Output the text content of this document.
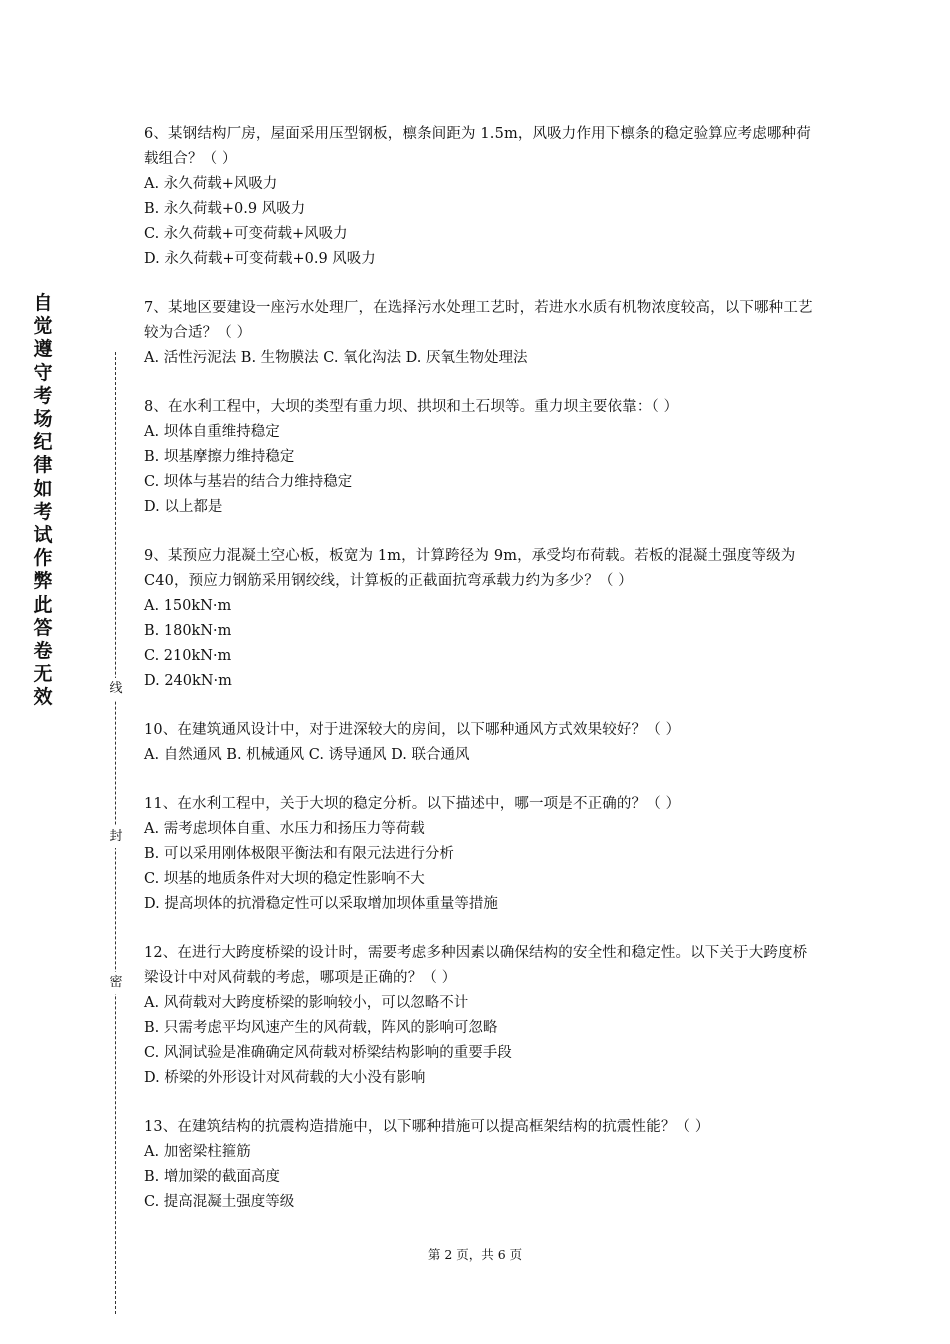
自觉遵守考场纪律如考试作弊此答卷无效	线
封
密
6、某钢结构厂房，屋面采用压型钢板，檩条间距为 1.5m，风吸力作用下檩条的稳定验算应考虑哪种荷载组合？（ ）
A. 永久荷载+风吸力
B. 永久荷载+0.9 风吸力
C. 永久荷载+可变荷载+风吸力
D. 永久荷载+可变荷载+0.9 风吸力
7、某地区要建设一座污水处理厂，在选择污水处理工艺时，若进水水质有机物浓度较高，以下哪种工艺较为合适？（ ）
A. 活性污泥法 B. 生物膜法 C. 氧化沟法 D. 厌氧生物处理法
8、在水利工程中，大坝的类型有重力坝、拱坝和土石坝等。重力坝主要依靠：（ ）
A. 坝体自重维持稳定
B. 坝基摩擦力维持稳定
C. 坝体与基岩的结合力维持稳定
D. 以上都是
9、某预应力混凝土空心板，板宽为 1m，计算跨径为 9m，承受均布荷载。若板的混凝土强度等级为 C40，预应力钢筋采用钢绞线，计算板的正截面抗弯承载力约为多少？（ ）
A. 150kN·m
B. 180kN·m
C. 210kN·m
D. 240kN·m
10、在建筑通风设计中，对于进深较大的房间，以下哪种通风方式效果较好？（ ）
A. 自然通风 B. 机械通风 C. 诱导通风 D. 联合通风
11、在水利工程中，关于大坝的稳定分析。以下描述中，哪一项是不正确的？（ ）
A. 需考虑坝体自重、水压力和扬压力等荷载
B. 可以采用刚体极限平衡法和有限元法进行分析
C. 坝基的地质条件对大坝的稳定性影响不大
D. 提高坝体的抗滑稳定性可以采取增加坝体重量等措施
12、在进行大跨度桥梁的设计时，需要考虑多种因素以确保结构的安全性和稳定性。以下关于大跨度桥梁设计中对风荷载的考虑，哪项是正确的？（ ）
A. 风荷载对大跨度桥梁的影响较小，可以忽略不计
B. 只需考虑平均风速产生的风荷载，阵风的影响可忽略
C. 风洞试验是准确确定风荷载对桥梁结构影响的重要手段
D. 桥梁的外形设计对风荷载的大小没有影响
13、在建筑结构的抗震构造措施中，以下哪种措施可以提高框架结构的抗震性能？（ ）
A. 加密梁柱箍筋
B. 增加梁的截面高度
C. 提高混凝土强度等级
第 2 页，共 6 页
